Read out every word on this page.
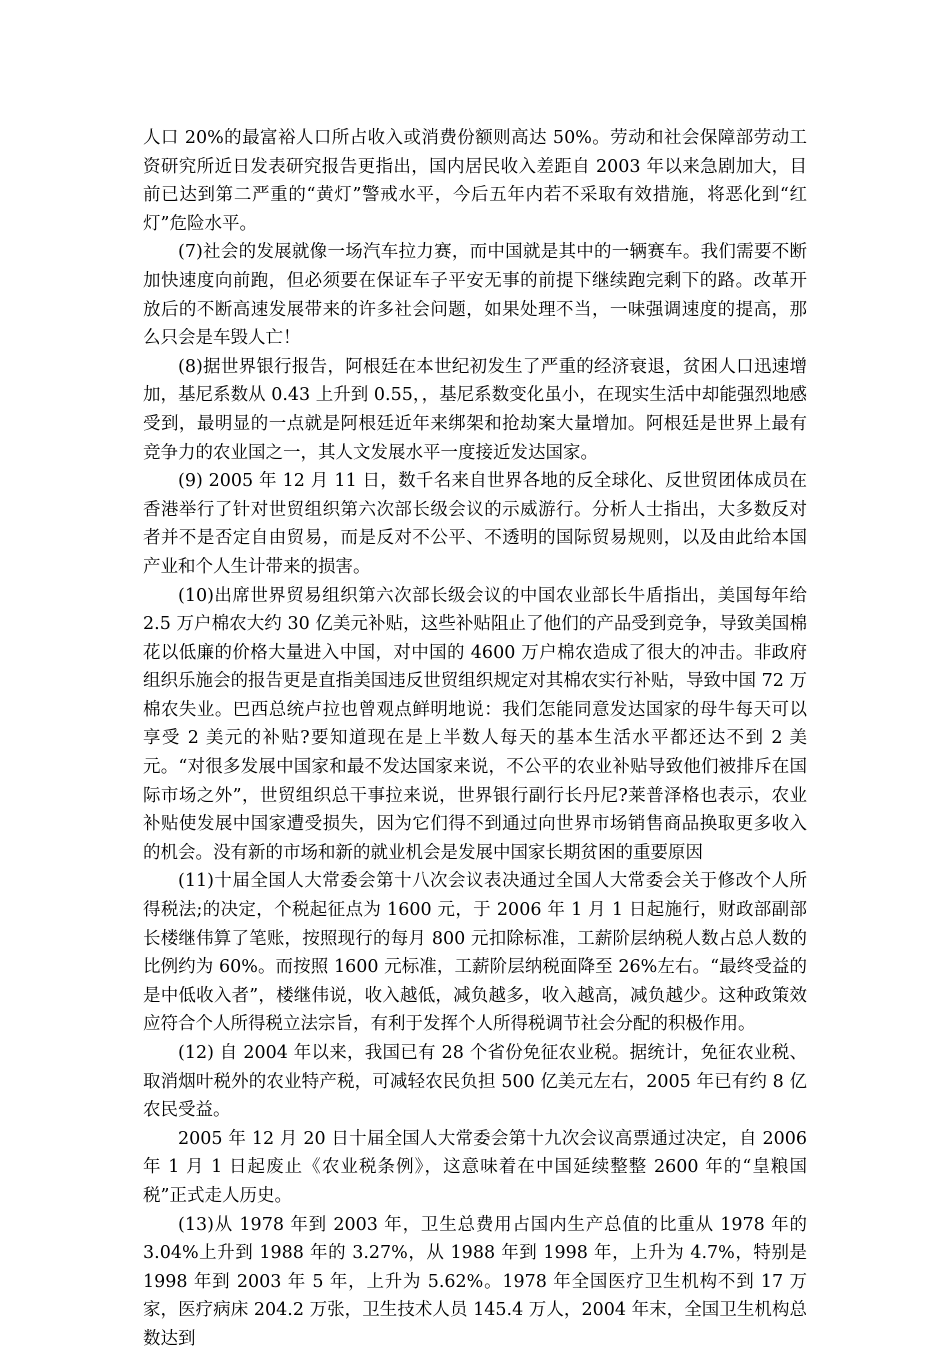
人口 20%的最富裕人口所占收入或消费份额则高达 50%。劳动和社会保障部劳动工资研究所近日发表研究报告更指出，国内居民收入差距自 2003 年以来急剧加大，目前已达到第二严重的“黄灯”警戒水平，今后五年内若不采取有效措施，将恶化到“红灯”危险水平。

(7)社会的发展就像一场汽车拉力赛，而中国就是其中的一辆赛车。我们需要不断加快速度向前跑，但必须要在保证车子平安无事的前提下继续跑完剩下的路。改革开放后的不断高速发展带来的许多社会问题，如果处理不当，一味强调速度的提高，那么只会是车毁人亡！

(8)据世界银行报告，阿根廷在本世纪初发生了严重的经济衰退，贫困人口迅速增加，基尼系数从 0.43 上升到 0.55，，基尼系数变化虽小，在现实生活中却能强烈地感受到，最明显的一点就是阿根廷近年来绑架和抢劫案大量增加。阿根廷是世界上最有竞争力的农业国之一，其人文发展水平一度接近发达国家。

(9) 2005 年 12 月 11 日，数千名来自世界各地的反全球化、反世贸团体成员在香港举行了针对世贸组织第六次部长级会议的示威游行。分析人士指出，大多数反对者并不是否定自由贸易，而是反对不公平、不透明的国际贸易规则，以及由此给本国产业和个人生计带来的损害。

(10)出席世界贸易组织第六次部长级会议的中国农业部长牛盾指出，美国每年给 2.5 万户棉农大约 30 亿美元补贴，这些补贴阻止了他们的产品受到竞争，导致美国棉花以低廉的价格大量进入中国，对中国的 4600 万户棉农造成了很大的冲击。非政府组织乐施会的报告更是直指美国违反世贸组织规定对其棉农实行补贴，导致中国 72 万棉农失业。巴西总统卢拉也曾观点鲜明地说：我们怎能同意发达国家的母牛每天可以享受 2 美元的补贴?要知道现在是上半数人每天的基本生活水平都还达不到 2 美元。“对很多发展中国家和最不发达国家来说，不公平的农业补贴导致他们被排斥在国际市场之外”，世贸组织总干事拉来说，世界银行副行长丹尼?莱普泽格也表示，农业补贴使发展中国家遭受损失，因为它们得不到通过向世界市场销售商品换取更多收入的机会。没有新的市场和新的就业机会是发展中国家长期贫困的重要原因

(11)十届全国人大常委会第十八次会议表决通过全国人大常委会关于修改个人所得税法;的决定，个税起征点为 1600 元，于 2006 年 1 月 1 日起施行，财政部副部长楼继伟算了笔账，按照现行的每月 800 元扣除标准，工薪阶层纳税人数占总人数的比例约为 60%。而按照 1600 元标准，工薪阶层纳税面降至 26%左右。“最终受益的是中低收入者”，楼继伟说，收入越低，减负越多，收入越高，减负越少。这种政策效应符合个人所得税立法宗旨，有利于发挥个人所得税调节社会分配的积极作用。

(12) 自 2004 年以来，我国已有 28 个省份免征农业税。据统计，免征农业税、取消烟叶税外的农业特产税，可减轻农民负担 500 亿美元左右，2005 年已有约 8 亿农民受益。

2005 年 12 月 20 日十届全国人大常委会第十九次会议高票通过决定，自 2006 年 1 月 1 日起废止《农业税条例》，这意味着在中国延续整整 2600 年的“皇粮国税”正式走人历史。

(13)从 1978 年到 2003 年，卫生总费用占国内生产总值的比重从 1978 年的 3.04%上升到 1988 年的 3.27%，从 1988 年到 1998 年，上升为 4.7%，特别是 1998 年到 2003 年 5 年，上升为 5.62%。1978 年全国医疗卫生机构不到 17 万家，医疗病床 204.2 万张，卫生技术人员 145.4 万人，2004 年末，全国卫生机构总数达到
